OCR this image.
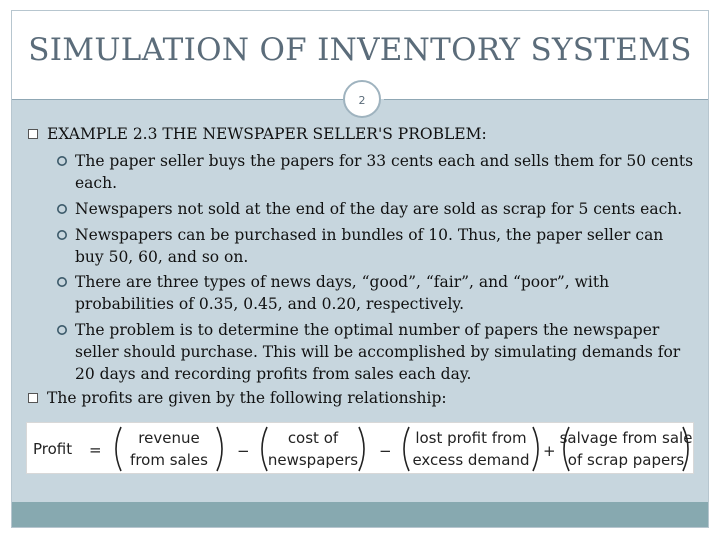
SIMULATION OF INVENTORY SYSTEMS
2
EXAMPLE 2.3 THE NEWSPAPER SELLER'S PROBLEM:
The paper seller buys the papers for 33 cents each and sells them for 50 cents
each.
Newspapers not sold at the end of the day are sold as scrap for 5 cents each.
Newspapers can be purchased in bundles of 10. Thus, the paper seller can
buy 50, 60, and so on.
There are three types of news days, “good”, “fair”, and “poor”, with
probabilities of 0.35, 0.45, and 0.20, respectively.
The problem is to determine the optimal number of papers the newspaper
seller should purchase. This will be accomplished by simulating demands for
20 days and recording profits from sales each day.
The profits are given by the following relationship:
Profit =
revenue
from sales −
cost of
newspapers −
lost profit from
excess demand +
salvage from sale
of scrap papers
